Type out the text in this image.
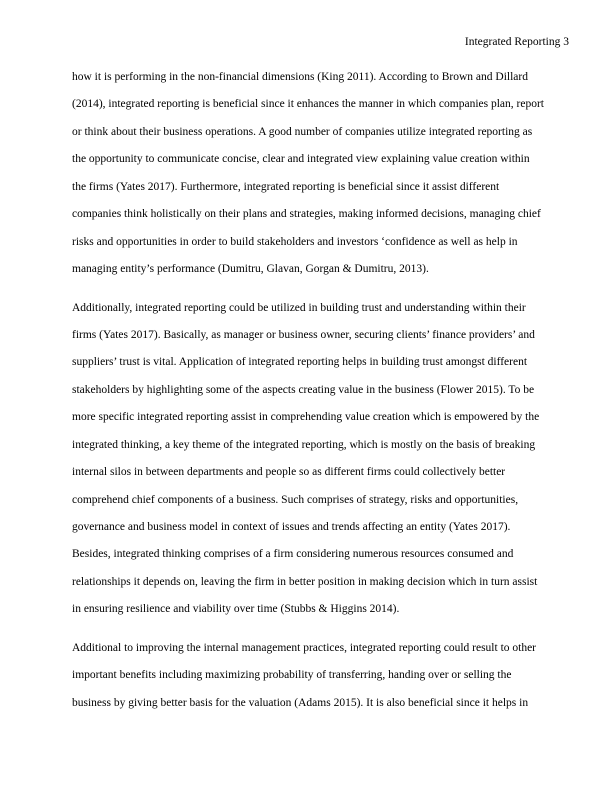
Integrated Reporting 3
how it is performing in the non-financial dimensions (King 2011). According to Brown and Dillard
(2014), integrated reporting is beneficial since it enhances the manner in which companies plan, report
or think about their business operations. A good number of companies utilize integrated reporting as
the opportunity to communicate concise, clear and integrated view explaining value creation within
the firms (Yates 2017). Furthermore, integrated reporting is beneficial since it assist different
companies think holistically on their plans and strategies, making informed decisions, managing chief
risks and opportunities in order to build stakeholders and investors ‘confidence as well as help in
managing entity’s performance (Dumitru, Glavan, Gorgan & Dumitru, 2013).
Additionally, integrated reporting could be utilized in building trust and understanding within their
firms (Yates 2017). Basically, as manager or business owner, securing clients’ finance providers’ and
suppliers’ trust is vital. Application of integrated reporting helps in building trust amongst different
stakeholders by highlighting some of the aspects creating value in the business (Flower 2015). To be
more specific integrated reporting assist in comprehending value creation which is empowered by the
integrated thinking, a key theme of the integrated reporting, which is mostly on the basis of breaking
internal silos in between departments and people so as different firms could collectively better
comprehend chief components of a business. Such comprises of strategy, risks and opportunities,
governance and business model in context of issues and trends affecting an entity (Yates 2017).
Besides, integrated thinking comprises of a firm considering numerous resources consumed and
relationships it depends on, leaving the firm in better position in making decision which in turn assist
in ensuring resilience and viability over time (Stubbs & Higgins 2014).
Additional to improving the internal management practices, integrated reporting could result to other
important benefits including maximizing probability of transferring, handing over or selling the
business by giving better basis for the valuation (Adams 2015). It is also beneficial since it helps in
